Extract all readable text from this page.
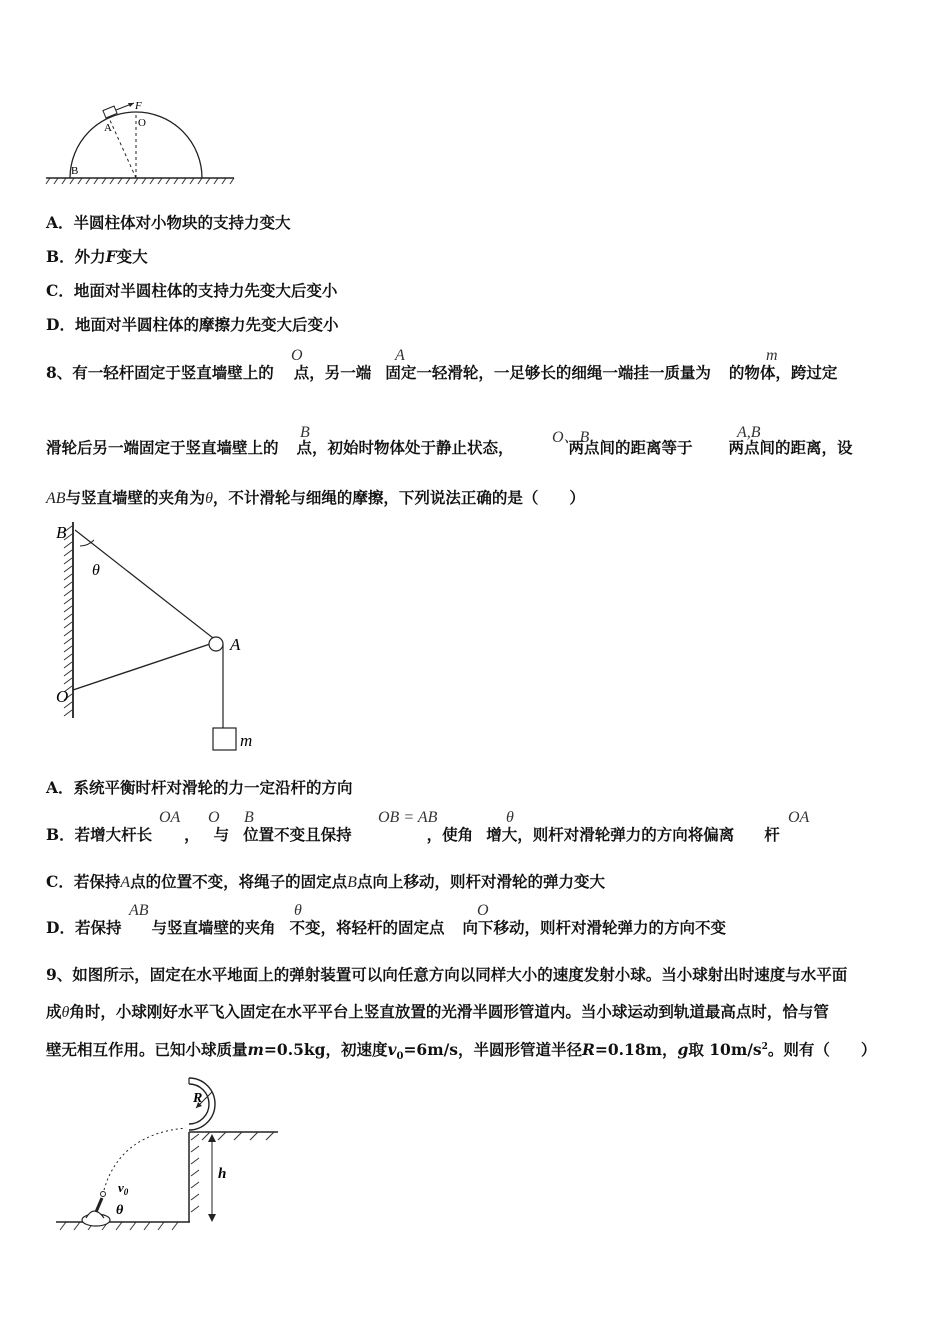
F
A O
B
A．半圆柱体对小物块的支持力变大
B．外力F变大
C．地面对半圆柱体的支持力先变大后变小
D．地面对半圆柱体的摩擦力先变大后变小
8、有一轻杆固定于竖直墙壁上的 点，另一端 固定一轻滑轮，一足够长的细绳一端挂一质量为 的物体，跨过定
O	A	m
滑轮后另一端固定于竖直墙壁上的 点，初始时物体处于静止状态，	两点间的距离等于 两点间的距离，设
B	O、B	A,B
AB与竖直墙壁的夹角为θ，不计滑轮与细绳的摩擦，下列说法正确的是（　　）
B
θ
A
O
m
A．系统平衡时杆对滑轮的力一定沿杆的方向
B．若增大杆长 ， 与 位置不变且保持	，使角 增大，则杆对滑轮弹力的方向将偏离 杆
OA O B	OB = AB	θ	OA
C．若保持A点的位置不变，将绳子的固定点B点向上移动，则杆对滑轮的弹力变大
D．若保持 与竖直墙壁的夹角 不变，将轻杆的固定点 向下移动，则杆对滑轮弹力的方向不变
AB	θ	O
9、如图所示，固定在水平地面上的弹射装置可以向任意方向以同样大小的速度发射小球。当小球射出时速度与水平面
成θ角时，小球刚好水平飞入固定在水平平台上竖直放置的光滑半圆形管道内。当小球运动到轨道最高点时，恰与管
壁无相互作用。已知小球质量m=0.5kg，初速度$v_0=6m/s$，半圆形管道半径R=0.18m，g取 $10m/s^2$。则有（　　）
R
h
$v_0$
θ
